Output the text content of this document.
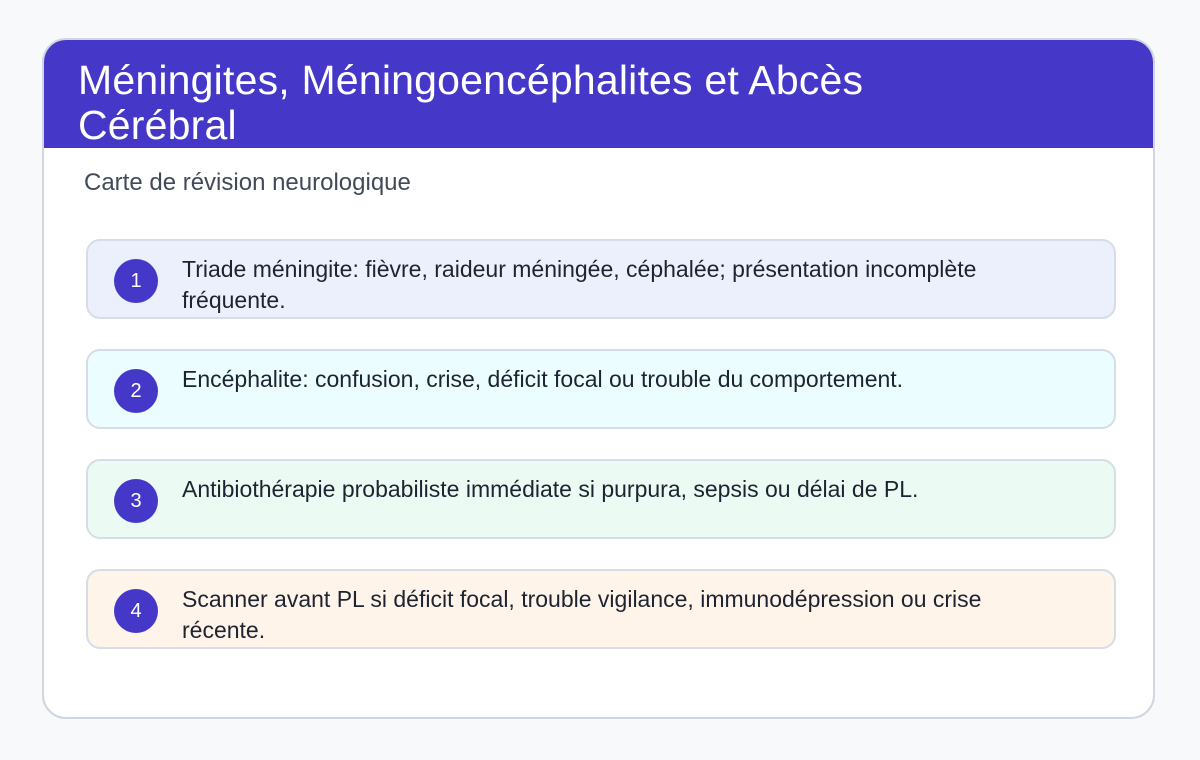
Méningites, Méningoencéphalites et Abcès Cérébral
Carte de révision neurologique
1	Triade méningite: fièvre, raideur méningée, céphalée; présentation incomplète fréquente.

2	Encéphalite: confusion, crise, déficit focal ou trouble du comportement.

3	Antibiothérapie probabiliste immédiate si purpura, sepsis ou délai de PL.

4	Scanner avant PL si déficit focal, trouble vigilance, immunodépression ou crise récente.
